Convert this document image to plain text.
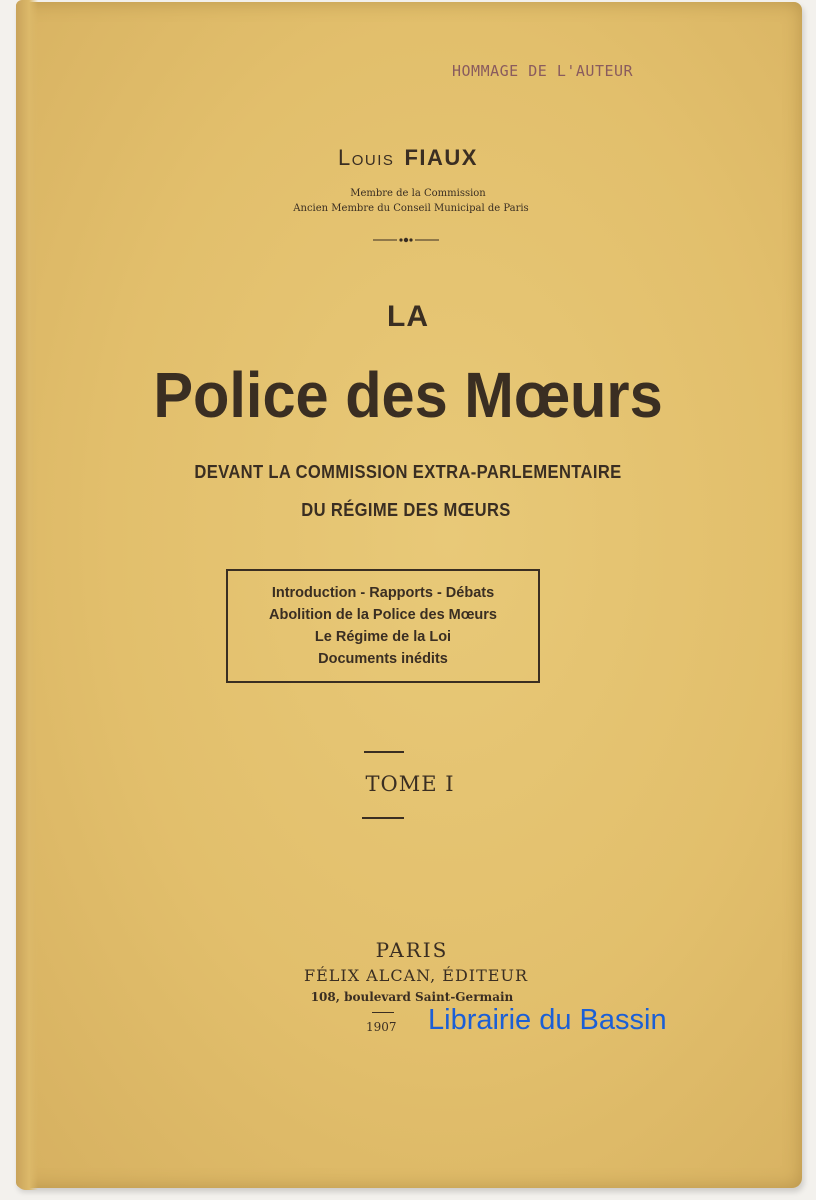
HOMMAGE DE L'AUTEUR
Louis FIAUX
Membre de la Commission
Ancien Membre du Conseil Municipal de Paris
LA
Police des Mœurs
DEVANT LA COMMISSION EXTRA-PARLEMENTAIRE
DU RÉGIME DES MŒURS
Introduction - Rapports - Débats
Abolition de la Police des Mœurs
Le Régime de la Loi
Documents inédits
TOME I
PARIS
FÉLIX ALCAN, ÉDITEUR
108, boulevard Saint-Germain
1907 Librairie du Bassin
